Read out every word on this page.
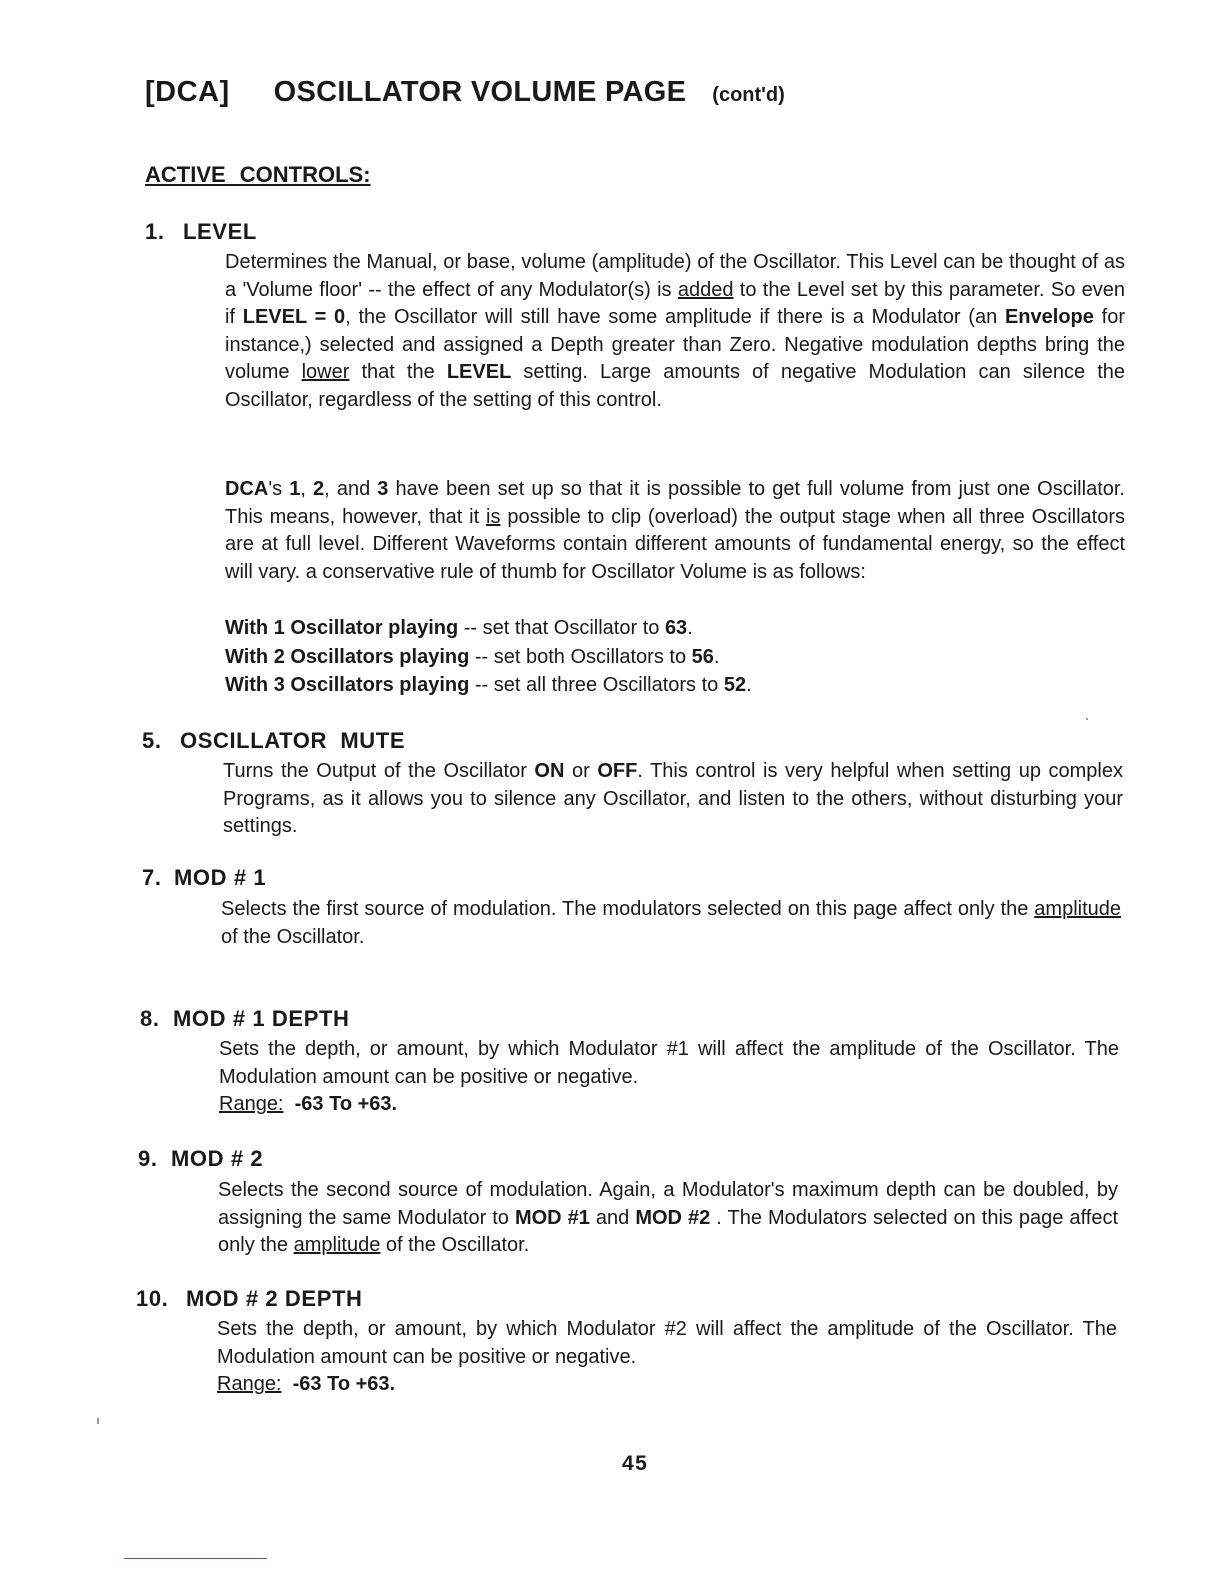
[DCA] OSCILLATOR VOLUME PAGE (cont'd)
ACTIVE CONTROLS:
1. LEVEL

Determines the Manual, or base, volume (amplitude) of the Oscillator. This Level can be thought of as a 'Volume floor' -- the effect of any Modulator(s) is added to the Level set by this parameter. So even if LEVEL = 0, the Oscillator will still have some amplitude if there is a Modulator (an Envelope for instance,) selected and assigned a Depth greater than Zero. Negative modulation depths bring the volume lower that the LEVEL setting. Large amounts of negative Modulation can silence the Oscillator, regardless of the setting of this control.

DCA's 1, 2, and 3 have been set up so that it is possible to get full volume from just one Oscillator. This means, however, that it is possible to clip (overload) the output stage when all three Oscillators are at full level. Different Waveforms contain different amounts of fundamental energy, so the effect will vary. a conservative rule of thumb for Oscillator Volume is as follows:

With 1 Oscillator playing -- set that Oscillator to 63.
With 2 Oscillators playing -- set both Oscillators to 56.
With 3 Oscillators playing -- set all three Oscillators to 52.
5. OSCILLATOR  MUTE

Turns the Output of the Oscillator ON or OFF. This control is very helpful when setting up complex Programs, as it allows you to silence any Oscillator, and listen to the others, without disturbing your settings.

7. MOD # 1

Selects the first source of modulation. The modulators selected on this page affect only the amplitude of the Oscillator.

8. MOD # 1 DEPTH

Sets the depth, or amount, by which Modulator #1 will affect the amplitude of the Oscillator. The Modulation amount can be positive or negative.

Range: -63 To +63.

9. MOD # 2

Selects the second source of modulation. Again, a Modulator's maximum depth can be doubled, by assigning the same Modulator to MOD #1 and MOD #2 . The Modulators selected on this page affect only the amplitude of the Oscillator.

10. MOD # 2 DEPTH

Sets the depth, or amount, by which Modulator #2 will affect the amplitude of the Oscillator. The Modulation amount can be positive or negative.

Range: -63 To +63.

45
